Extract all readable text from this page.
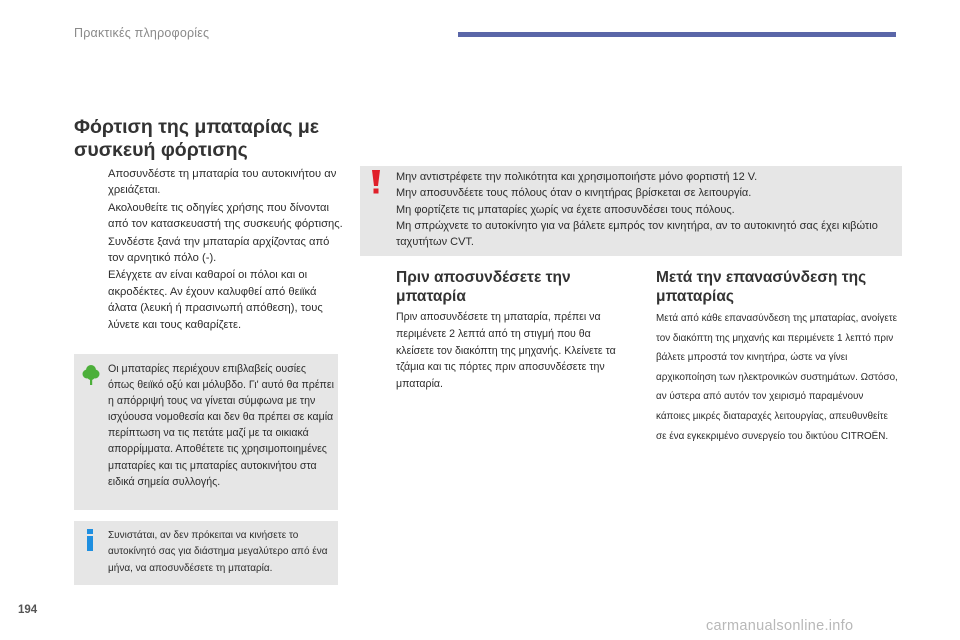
Πρακτικές πληροφορίες
Φόρτιση της μπαταρίας με συσκευή φόρτισης
Αποσυνδέστε τη μπαταρία του αυτοκινήτου αν χρειάζεται.
Ακολουθείτε τις οδηγίες χρήσης που δίνονται από τον κατασκευαστή της συσκευής φόρτισης.
Συνδέστε ξανά την μπαταρία αρχίζοντας από τον αρνητικό πόλο (-).
Ελέγχετε αν είναι καθαροί οι πόλοι και οι ακροδέκτες. Αν έχουν καλυφθεί από θειϊκά άλατα (λευκή ή πρασινωπή απόθεση), τους λύνετε και τους καθαρίζετε.
Οι μπαταρίες περιέχουν επιβλαβείς ουσίες όπως θειϊκό οξύ και μόλυβδο. Γι' αυτό θα πρέπει η απόρριψή τους να γίνεται σύμφωνα με την ισχύουσα νομοθεσία και δεν θα πρέπει σε καμία περίπτωση να τις πετάτε μαζί με τα οικιακά απορρίμματα. Αποθέτετε τις χρησιμοποιημένες μπαταρίες και τις μπαταρίες αυτοκινήτου στα ειδικά σημεία συλλογής.
Συνιστάται, αν δεν πρόκειται να κινήσετε το αυτοκίνητό σας για διάστημα μεγαλύτερο από ένα μήνα, να αποσυνδέσετε τη μπαταρία.

Μην αντιστρέφετε την πολικότητα και χρησιμοποιήστε μόνο φορτιστή 12 V.

Μην αποσυνδέετε τους πόλους όταν ο κινητήρας βρίσκεται σε λειτουργία.

Μη φορτίζετε τις μπαταρίες χωρίς να έχετε αποσυνδέσει τους πόλους.

Μη σπρώχνετε το αυτοκίνητο για να βάλετε εμπρός τον κινητήρα, αν το αυτοκινητό σας έχει κιβώτιο ταχυτήτων CVT.

Πριν αποσυνδέσετε την μπαταρία
Πριν αποσυνδέσετε τη μπαταρία, πρέπει να περιμένετε 2 λεπτά από τη στιγμή που θα κλείσετε τον διακόπτη της μηχανής. Κλείνετε τα τζάμια και τις πόρτες πριν αποσυνδέσετε την μπαταρία.
Μετά την επανασύνδεση της μπαταρίας
Μετά από κάθε επανασύνδεση της μπαταρίας, ανοίγετε τον διακόπτη της μηχανής και περιμένετε 1 λεπτό πριν βάλετε μπροστά τον κινητήρα, ώστε να γίνει αρχικοποίηση των ηλεκτρονικών συστημάτων. Ωστόσο, αν ύστερα από αυτόν τον χειρισμό παραμένουν κάποιες μικρές διαταραχές λειτουργίας, απευθυνθείτε σε ένα εγκεκριμένο συνεργείο του δικτύου CITROËN.
194
carmanualsonline.info
